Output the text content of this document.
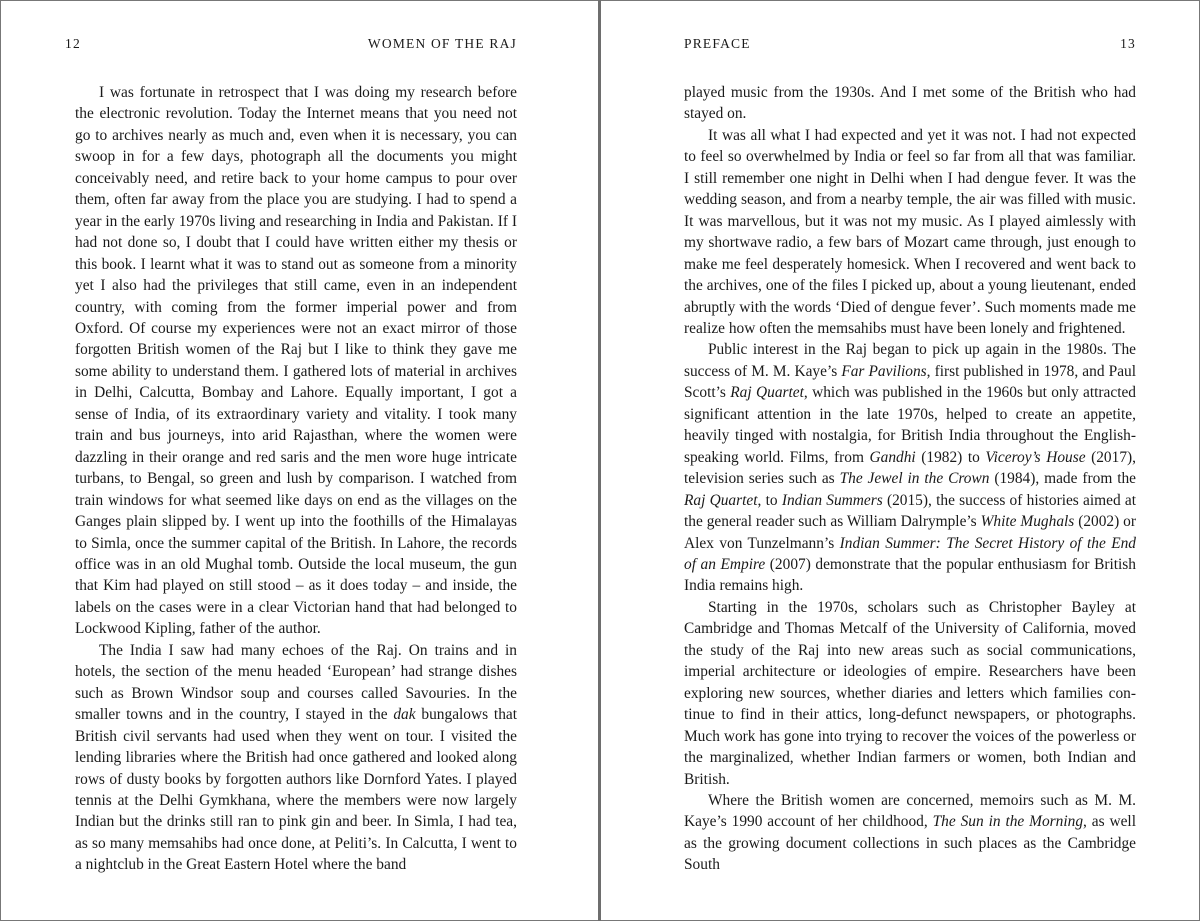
12	WOMEN OF THE RAJ

I was fortunate in retrospect that I was doing my research before the electronic revolution. Today the Internet means that you need not go to archives nearly as much and, even when it is necessary, you can swoop in for a few days, photograph all the documents you might conceivably need, and retire back to your home campus to pour over them, often far away from the place you are studying. I had to spend a year in the early 1970s living and researching in India and Pakistan. If I had not done so, I doubt that I could have written either my thesis or this book. I learnt what it was to stand out as someone from a minority yet I also had the privileges that still came, even in an independent country, with coming from the former imperial power and from Oxford. Of course my experiences were not an exact mirror of those forgotten British women of the Raj but I like to think they gave me some ability to understand them. I gathered lots of material in archives in Delhi, Calcutta, Bombay and Lahore. Equally important, I got a sense of India, of its extraordinary variety and vitality. I took many train and bus journeys, into arid Rajasthan, where the women were dazzling in their orange and red saris and the men wore huge intricate turbans, to Bengal, so green and lush by comparison. I watched from train windows for what seemed like days on end as the villages on the Ganges plain slipped by. I went up into the foothills of the Himalayas to Simla, once the summer capital of the British. In Lahore, the records office was in an old Mughal tomb. Outside the local museum, the gun that Kim had played on still stood – as it does today – and inside, the labels on the cases were in a clear Victorian hand that had belonged to Lockwood Kipling, father of the author.

The India I saw had many echoes of the Raj. On trains and in hotels, the section of the menu headed ‘European’ had strange dishes such as Brown Windsor soup and courses called Savouries. In the smaller towns and in the country, I stayed in the dak bungalows that British civil servants had used when they went on tour. I visited the lending libraries where the British had once gathered and looked along rows of dusty books by forgotten authors like Dornford Yates. I played tennis at the Delhi Gymkhana, where the members were now largely Indian but the drinks still ran to pink gin and beer. In Simla, I had tea, as so many memsahibs had once done, at Peliti’s. In Calcutta, I went to a nightclub in the Great Eastern Hotel where the band

PREFACE	13

played music from the 1930s. And I met some of the British who had stayed on.

It was all what I had expected and yet it was not. I had not expected to feel so overwhelmed by India or feel so far from all that was familiar. I still remember one night in Delhi when I had dengue fever. It was the wedding season, and from a nearby temple, the air was filled with music. It was marvellous, but it was not my music. As I played aimlessly with my shortwave radio, a few bars of Mozart came through, just enough to make me feel desperately homesick. When I recovered and went back to the archives, one of the files I picked up, about a young lieutenant, ended abruptly with the words ‘Died of dengue fever’. Such moments made me realize how often the memsahibs must have been lonely and frightened.

Public interest in the Raj began to pick up again in the 1980s. The success of M. M. Kaye’s Far Pavilions, first published in 1978, and Paul Scott’s Raj Quartet, which was published in the 1960s but only attracted significant attention in the late 1970s, helped to create an appetite, heavily tinged with nostalgia, for British India throughout the English-speaking world. Films, from Gandhi (1982) to Viceroy’s House (2017), television series such as The Jewel in the Crown (1984), made from the Raj Quartet, to Indian Summers (2015), the success of histories aimed at the general reader such as William Dalrymple’s White Mughals (2002) or Alex von Tunzelmann’s Indian Summer: The Secret History of the End of an Empire (2007) demonstrate that the popular enthusiasm for British India remains high.

Starting in the 1970s, scholars such as Christopher Bayley at Cambridge and Thomas Metcalf of the University of California, moved the study of the Raj into new areas such as social communications, imperial architecture or ideologies of empire. Researchers have been exploring new sources, whether diaries and letters which families continue to find in their attics, long-defunct newspapers, or photographs. Much work has gone into trying to recover the voices of the powerless or the marginalized, whether Indian farmers or women, both Indian and British.

Where the British women are concerned, memoirs such as M. M. Kaye’s 1990 account of her childhood, The Sun in the Morning, as well as the growing document collections in such places as the Cambridge South
